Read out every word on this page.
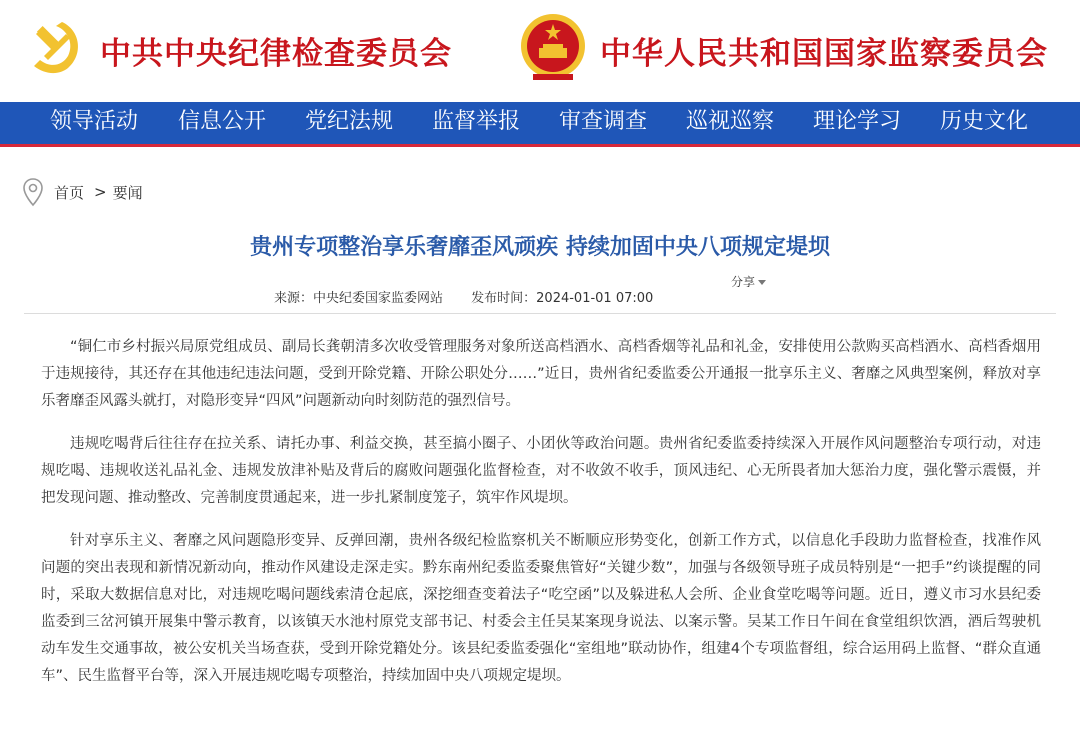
中共中央纪律检查委员会	中华人民共和国国家监察委员会
领导活动 信息公开 党纪法规 监督举报 审查调查 巡视巡察 理论学习 历史文化
首页 > 要闻
贵州专项整治享乐奢靡歪风顽疾 持续加固中央八项规定堤坝
来源：中央纪委国家监委网站 发布时间：2024-01-01 07:00
分享

“铜仁市乡村振兴局原党组成员、副局长龚朝清多次收受管理服务对象所送高档酒水、高档香烟等礼品和礼金，安排使用公款购买高档酒水、高档香烟用于违规接待，其还存在其他违纪违法问题，受到开除党籍、开除公职处分……”近日，贵州省纪委监委公开通报一批享乐主义、奢靡之风典型案例，释放对享乐奢靡歪风露头就打，对隐形变异“四风”问题新动向时刻防范的强烈信号。

违规吃喝背后往往存在拉关系、请托办事、利益交换，甚至搞小圈子、小团伙等政治问题。贵州省纪委监委持续深入开展作风问题整治专项行动，对违规吃喝、违规收送礼品礼金、违规发放津补贴及背后的腐败问题强化监督检查，对不收敛不收手，顶风违纪、心无所畏者加大惩治力度，强化警示震慑，并把发现问题、推动整改、完善制度贯通起来，进一步扎紧制度笼子，筑牢作风堤坝。

针对享乐主义、奢靡之风问题隐形变异、反弹回潮，贵州各级纪检监察机关不断顺应形势变化，创新工作方式，以信息化手段助力监督检查，找准作风问题的突出表现和新情况新动向，推动作风建设走深走实。黔东南州纪委监委聚焦管好“关键少数”，加强与各级领导班子成员特别是“一把手”约谈提醒的同时，采取大数据信息对比，对违规吃喝问题线索清仓起底，深挖细查变着法子“吃空函”以及躲进私人会所、企业食堂吃喝等问题。近日，遵义市习水县纪委监委到三岔河镇开展集中警示教育，以该镇天水池村原党支部书记、村委会主任吴某案现身说法、以案示警。吴某工作日午间在食堂组织饮酒，酒后驾驶机动车发生交通事故，被公安机关当场查获，受到开除党籍处分。该县纪委监委强化“室组地”联动协作，组建4个专项监督组，综合运用码上监督、“群众直通车”、民生监督平台等，深入开展违规吃喝专项整治，持续加固中央八项规定堤坝。
